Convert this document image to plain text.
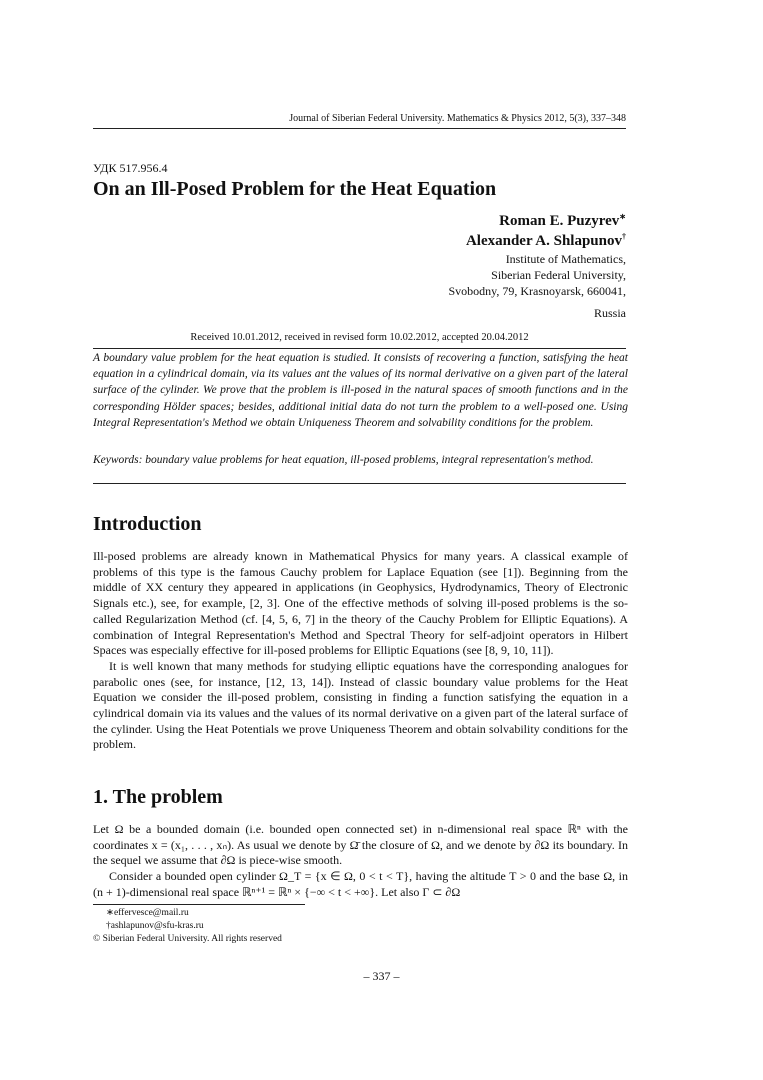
Journal of Siberian Federal University. Mathematics & Physics 2012, 5(3), 337–348
УДК 517.956.4
On an Ill-Posed Problem for the Heat Equation
Roman E. Puzyrev∗
Alexander A. Shlapunov†
Institute of Mathematics,
Siberian Federal University,
Svobodny, 79, Krasnoyarsk, 660041,
Russia
Received 10.01.2012, received in revised form 10.02.2012, accepted 20.04.2012
A boundary value problem for the heat equation is studied. It consists of recovering a function, satisfying the heat equation in a cylindrical domain, via its values ant the values of its normal derivative on a given part of the lateral surface of the cylinder. We prove that the problem is ill-posed in the natural spaces of smooth functions and in the corresponding Hölder spaces; besides, additional initial data do not turn the problem to a well-posed one. Using Integral Representation's Method we obtain Uniqueness Theorem and solvability conditions for the problem.
Keywords: boundary value problems for heat equation, ill-posed problems, integral representation's method.
Introduction

Ill-posed problems are already known in Mathematical Physics for many years. A classical example of problems of this type is the famous Cauchy problem for Laplace Equation (see [1]). Beginning from the middle of XX century they appeared in applications (in Geophysics, Hydrodynamics, Theory of Electronic Signals etc.), see, for example, [2, 3]. One of the effective methods of solving ill-posed problems is the so-called Regularization Method (cf. [4, 5, 6, 7] in the theory of the Cauchy Problem for Elliptic Equations). A combination of Integral Representation's Method and Spectral Theory for self-adjoint operators in Hilbert Spaces was especially effective for ill-posed problems for Elliptic Equations (see [8, 9, 10, 11]).

It is well known that many methods for studying elliptic equations have the corresponding analogues for parabolic ones (see, for instance, [12, 13, 14]). Instead of classic boundary value problems for the Heat Equation we consider the ill-posed problem, consisting in finding a function satisfying the equation in a cylindrical domain via its values and the values of its normal derivative on a given part of the lateral surface of the cylinder. Using the Heat Potentials we prove Uniqueness Theorem and obtain solvability conditions for the problem.

1. The problem

Let Ω be a bounded domain (i.e. bounded open connected set) in n-dimensional real space ℝⁿ with the coordinates x = (x₁, . . . , xₙ). As usual we denote by Ω̄ the closure of Ω, and we denote by ∂Ω its boundary. In the sequel we assume that ∂Ω is piece-wise smooth.

Consider a bounded open cylinder Ω_T = {x ∈ Ω, 0 < t < T}, having the altitude T > 0 and the base Ω, in (n + 1)-dimensional real space ℝⁿ⁺¹ = ℝⁿ × {−∞ < t < +∞}. Let also Γ ⊂ ∂Ω

∗effervesce@mail.ru
†ashlapunov@sfu-kras.ru
© Siberian Federal University. All rights reserved
– 337 –
